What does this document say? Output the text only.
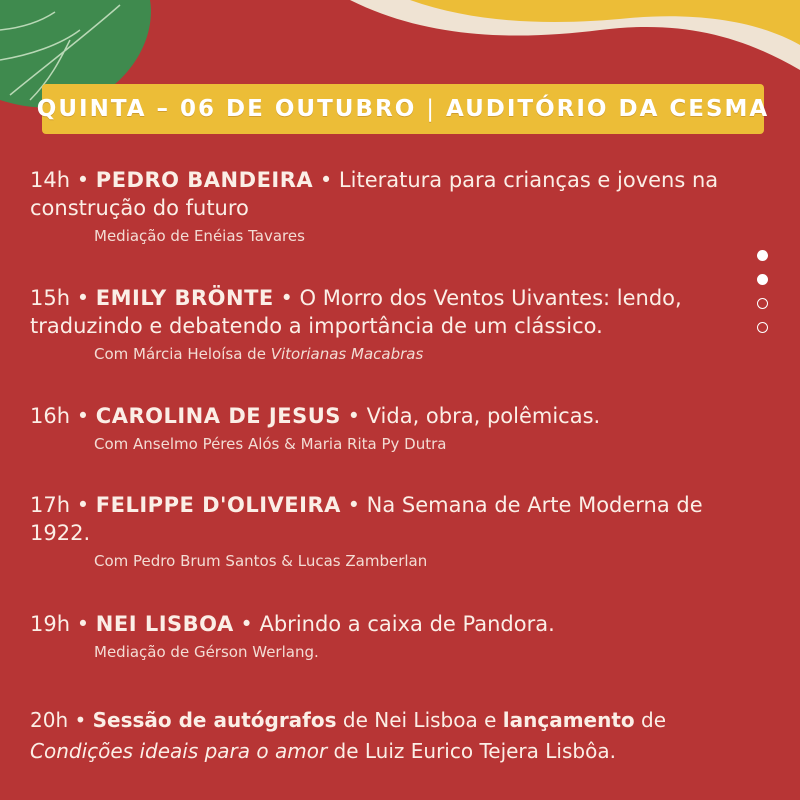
QUINTA – 06 DE OUTUBRO | AUDITÓRIO DA CESMA

14h • PEDRO BANDEIRA • Literatura para crianças e jovens na construção do futuro

Mediação de Enéias Tavares

15h • EMILY BRÖNTE • O Morro dos Ventos Uivantes: lendo, traduzindo e debatendo a importância de um clássico.

Com Márcia Heloísa de Vitorianas Macabras

16h • CAROLINA DE JESUS • Vida, obra, polêmicas.

Com Anselmo Péres Alós & Maria Rita Py Dutra

17h • FELIPPE D'OLIVEIRA • Na Semana de Arte Moderna de 1922.

Com Pedro Brum Santos & Lucas Zamberlan

19h • NEI LISBOA • Abrindo a caixa de Pandora.

Mediação de Gérson Werlang.

20h • Sessão de autógrafos de Nei Lisboa e lançamento de
Condições ideais para o amor de Luiz Eurico Tejera Lisbôa.
